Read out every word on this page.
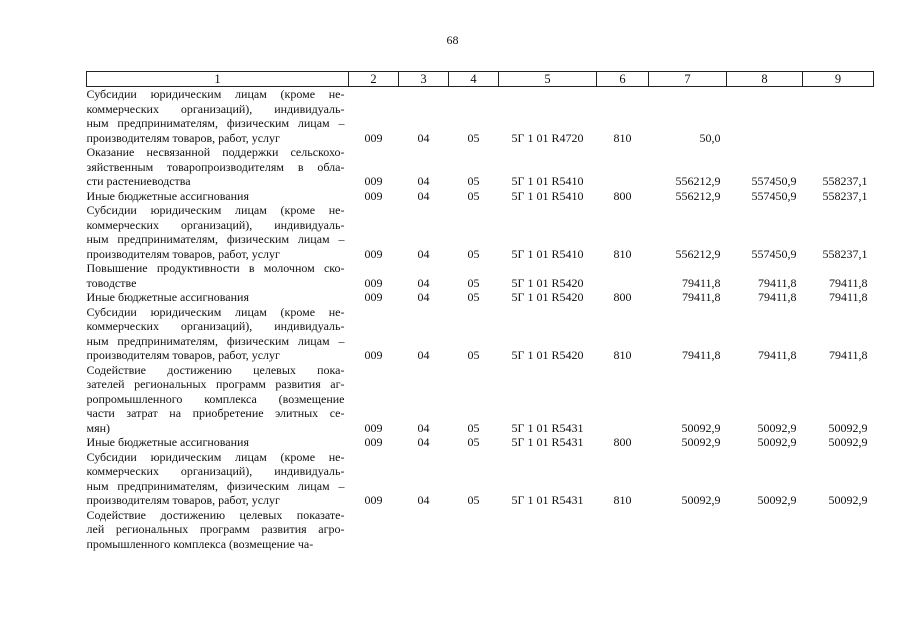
68
1	2	3	4	5	6	7	8	9

Субсидии юридическим лицам (кроме не-
коммерческих организаций), индивидуаль-
ным предпринимателям, физическим лицам –
производителям товаров, работ, услуг	009	04	05	5Г 1 01 R4720	810	50,0		

Оказание несвязанной поддержки сельскохо-
зяйственным товаропроизводителям в обла-
сти растениеводства	009	04	05	5Г 1 01 R5410		556212,9	557450,9	558237,1

Иные бюджетные ассигнования	009	04	05	5Г 1 01 R5410	800	556212,9	557450,9	558237,1

Субсидии юридическим лицам (кроме не-
коммерческих организаций), индивидуаль-
ным предпринимателям, физическим лицам –
производителям товаров, работ, услуг	009	04	05	5Г 1 01 R5410	810	556212,9	557450,9	558237,1

Повышение продуктивности в молочном ско-
товодстве	009	04	05	5Г 1 01 R5420		79411,8	79411,8	79411,8

Иные бюджетные ассигнования	009	04	05	5Г 1 01 R5420	800	79411,8	79411,8	79411,8

Субсидии юридическим лицам (кроме не-
коммерческих организаций), индивидуаль-
ным предпринимателям, физическим лицам –
производителям товаров, работ, услуг	009	04	05	5Г 1 01 R5420	810	79411,8	79411,8	79411,8

Содействие достижению целевых пока-
зателей региональных программ развития аг-
ропромышленного комплекса (возмещение
части затрат на приобретение элитных се-
мян)	009	04	05	5Г 1 01 R5431		50092,9	50092,9	50092,9

Иные бюджетные ассигнования	009	04	05	5Г 1 01 R5431	800	50092,9	50092,9	50092,9

Субсидии юридическим лицам (кроме не-
коммерческих организаций), индивидуаль-
ным предпринимателям, физическим лицам –
производителям товаров, работ, услуг	009	04	05	5Г 1 01 R5431	810	50092,9	50092,9	50092,9

Содействие достижению целевых показате-
лей региональных программ развития агро-
промышленного комплекса (возмещение ча-								
